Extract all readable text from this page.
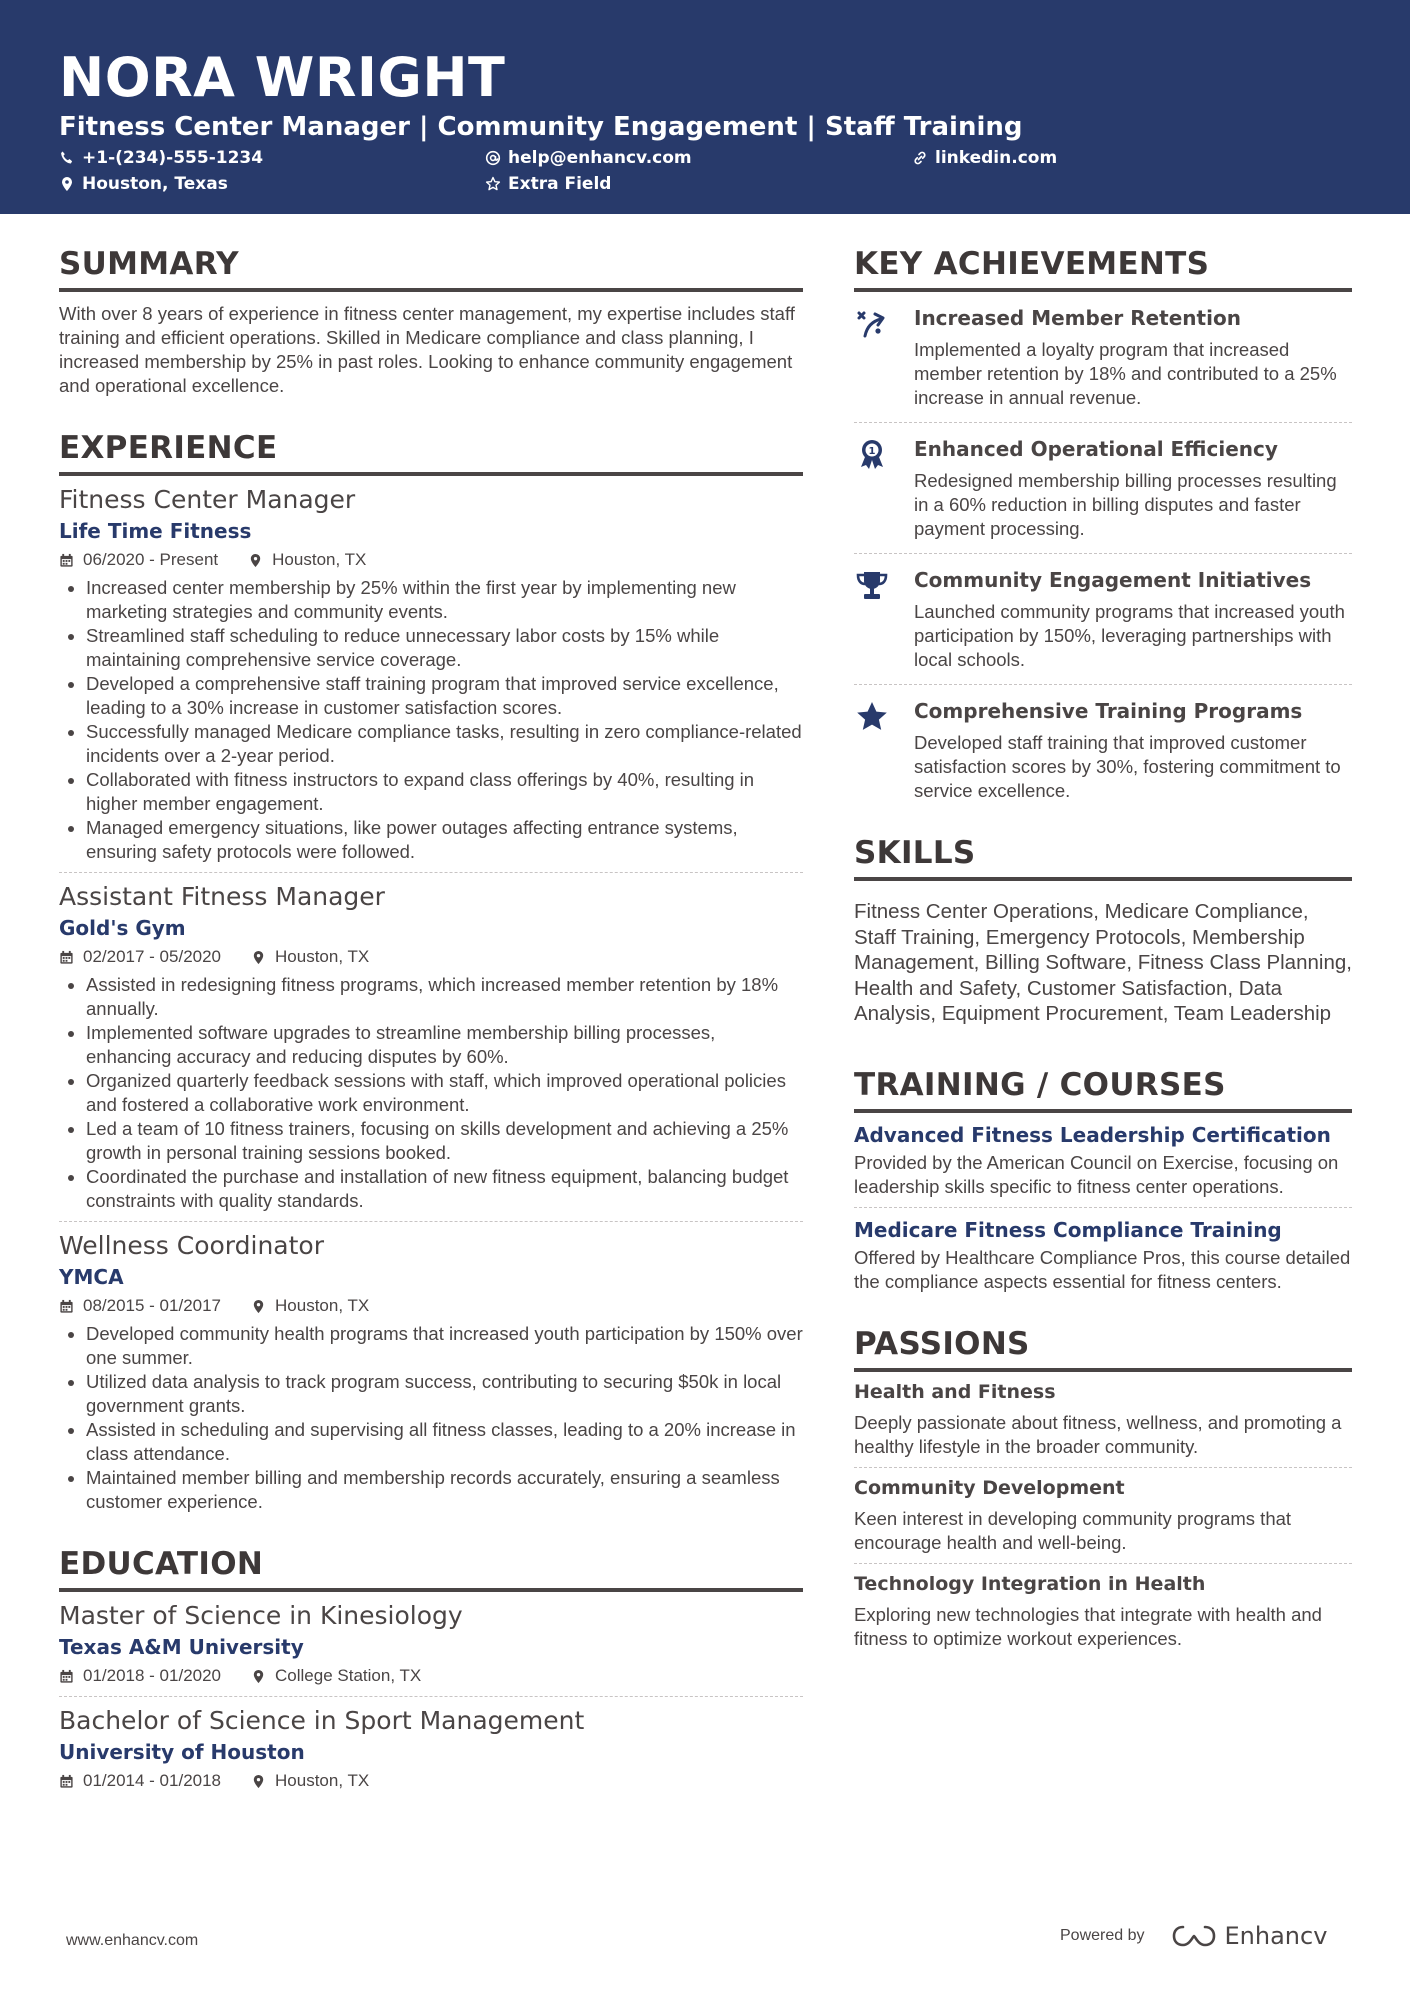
NORA WRIGHT
Fitness Center Manager | Community Engagement | Staff Training
+1-(234)-555-1234	help@enhancv.com	linkedin.com
Houston, Texas	Extra Field
SUMMARY
With over 8 years of experience in fitness center management, my expertise includes staff training and efficient operations. Skilled in Medicare compliance and class planning, I increased membership by 25% in past roles. Looking to enhance community engagement and operational excellence.
EXPERIENCE
Fitness Center Manager
Life Time Fitness
06/2020 - Present	Houston, TX
• Increased center membership by 25% within the first year by implementing new marketing strategies and community events.
• Streamlined staff scheduling to reduce unnecessary labor costs by 15% while maintaining comprehensive service coverage.
• Developed a comprehensive staff training program that improved service excellence, leading to a 30% increase in customer satisfaction scores.
• Successfully managed Medicare compliance tasks, resulting in zero compliance-related incidents over a 2-year period.
• Collaborated with fitness instructors to expand class offerings by 40%, resulting in higher member engagement.
• Managed emergency situations, like power outages affecting entrance systems, ensuring safety protocols were followed.
Assistant Fitness Manager
Gold's Gym
02/2017 - 05/2020	Houston, TX
• Assisted in redesigning fitness programs, which increased member retention by 18% annually.
• Implemented software upgrades to streamline membership billing processes, enhancing accuracy and reducing disputes by 60%.
• Organized quarterly feedback sessions with staff, which improved operational policies and fostered a collaborative work environment.
• Led a team of 10 fitness trainers, focusing on skills development and achieving a 25% growth in personal training sessions booked.
• Coordinated the purchase and installation of new fitness equipment, balancing budget constraints with quality standards.
Wellness Coordinator
YMCA
08/2015 - 01/2017	Houston, TX
• Developed community health programs that increased youth participation by 150% over one summer.
• Utilized data analysis to track program success, contributing to securing $50k in local government grants.
• Assisted in scheduling and supervising all fitness classes, leading to a 20% increase in class attendance.
• Maintained member billing and membership records accurately, ensuring a seamless customer experience.
EDUCATION
Master of Science in Kinesiology
Texas A&M University
01/2018 - 01/2020	College Station, TX
Bachelor of Science in Sport Management
University of Houston
01/2014 - 01/2018	Houston, TX
KEY ACHIEVEMENTS
Increased Member Retention
Implemented a loyalty program that increased member retention by 18% and contributed to a 25% increase in annual revenue.
1 Enhanced Operational Efficiency
Redesigned membership billing processes resulting in a 60% reduction in billing disputes and faster payment processing.
Community Engagement Initiatives
Launched community programs that increased youth participation by 150%, leveraging partnerships with local schools.
Comprehensive Training Programs
Developed staff training that improved customer satisfaction scores by 30%, fostering commitment to service excellence.
SKILLS
Fitness Center Operations, Medicare Compliance, Staff Training, Emergency Protocols, Membership Management, Billing Software, Fitness Class Planning, Health and Safety, Customer Satisfaction, Data Analysis, Equipment Procurement, Team Leadership
TRAINING / COURSES
Advanced Fitness Leadership Certification
Provided by the American Council on Exercise, focusing on leadership skills specific to fitness center operations.
Medicare Fitness Compliance Training
Offered by Healthcare Compliance Pros, this course detailed the compliance aspects essential for fitness centers.
PASSIONS
Health and Fitness
Deeply passionate about fitness, wellness, and promoting a healthy lifestyle in the broader community.
Community Development
Keen interest in developing community programs that encourage health and well-being.
Technology Integration in Health
Exploring new technologies that integrate with health and fitness to optimize workout experiences.
www.enhancv.com	Powered by	Enhancv
